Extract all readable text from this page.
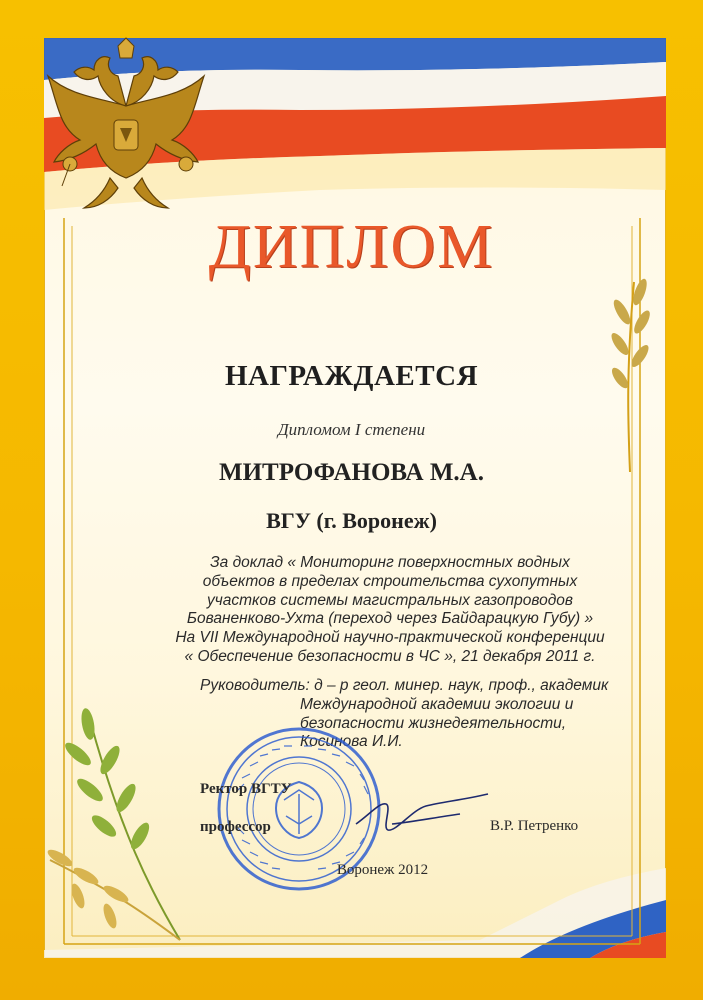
ДИПЛОМ
НАГРАЖДАЕТСЯ
Дипломом I степени
МИТРОФАНОВА М.А.
ВГУ (г. Воронеж)
За доклад « Мониторинг поверхностных водных
объектов в пределах строительства сухопутных
участков системы магистральных газопроводов
Бованенково-Ухта (переход через Байдарацкую Губу) »
На VII Международной научно-практической конференции
« Обеспечение безопасности в ЧС », 21 декабря 2011 г.
Руководитель: д – р геол. минер. наук, проф., академик
Международной академии экологии и
безопасности жизнедеятельности,
Косинова И.И.
Ректор ВГТУ
профессор	В.Р. Петренко
Воронеж 2012
